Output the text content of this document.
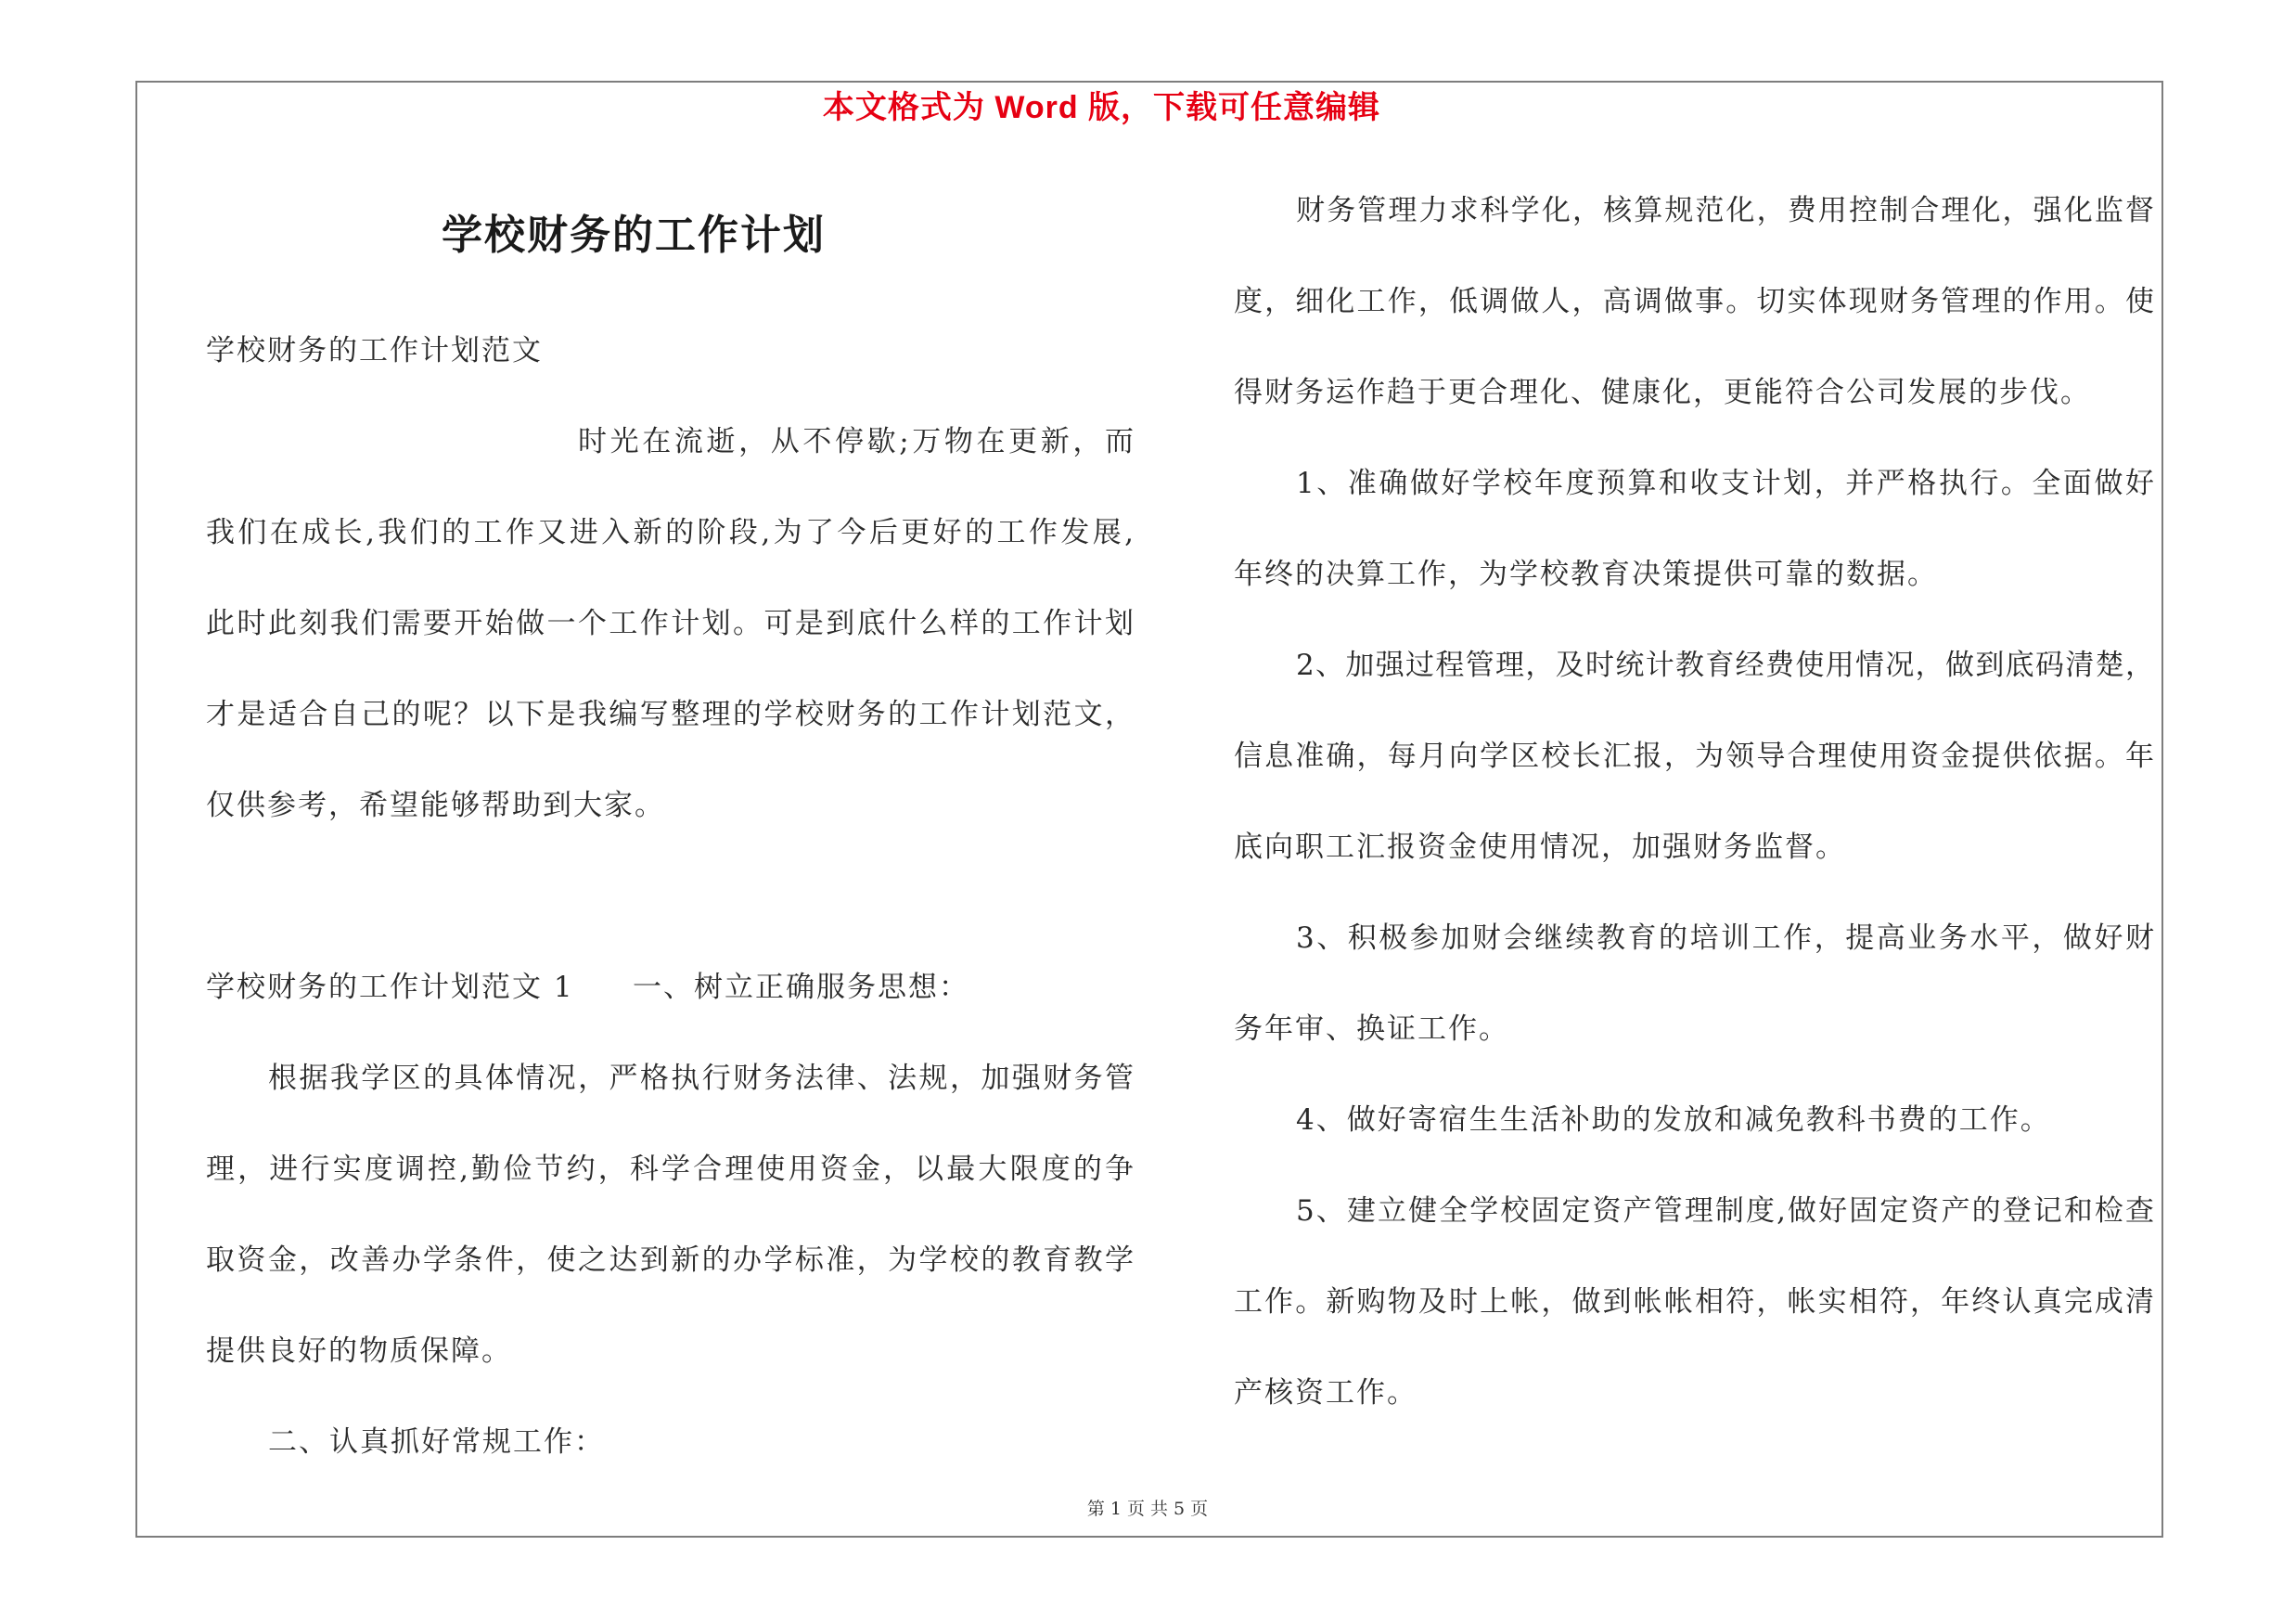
本文格式为 Word 版，下载可任意编辑
学校财务的工作计划
学校财务的工作计划范文
时光在流逝，从不停歇;万物在更新，而
我们在成长,我们的工作又进入新的阶段,为了今后更好的工作发展,
此时此刻我们需要开始做一个工作计划。可是到底什么样的工作计划
才是适合自己的呢？以下是我编写整理的学校财务的工作计划范文，
仅供参考，希望能够帮助到大家。
学校财务的工作计划范文 1 一、树立正确服务思想：
根据我学区的具体情况，严格执行财务法律、法规，加强财务管
理，进行实度调控,勤俭节约，科学合理使用资金，以最大限度的争
取资金，改善办学条件，使之达到新的办学标准，为学校的教育教学
提供良好的物质保障。
二、认真抓好常规工作：
财务管理力求科学化，核算规范化，费用控制合理化，强化监督
度，细化工作，低调做人，高调做事。切实体现财务管理的作用。使
得财务运作趋于更合理化、健康化，更能符合公司发展的步伐。
1、准确做好学校年度预算和收支计划，并严格执行。全面做好
年终的决算工作，为学校教育决策提供可靠的数据。
2、加强过程管理，及时统计教育经费使用情况，做到底码清楚，
信息准确，每月向学区校长汇报，为领导合理使用资金提供依据。年
底向职工汇报资金使用情况，加强财务监督。
3、积极参加财会继续教育的培训工作，提高业务水平，做好财
务年审、换证工作。
4、做好寄宿生生活补助的发放和减免教科书费的工作。
5、建立健全学校固定资产管理制度,做好固定资产的登记和检查
工作。新购物及时上帐，做到帐帐相符，帐实相符，年终认真完成清
产核资工作。
第 1 页 共 5 页
